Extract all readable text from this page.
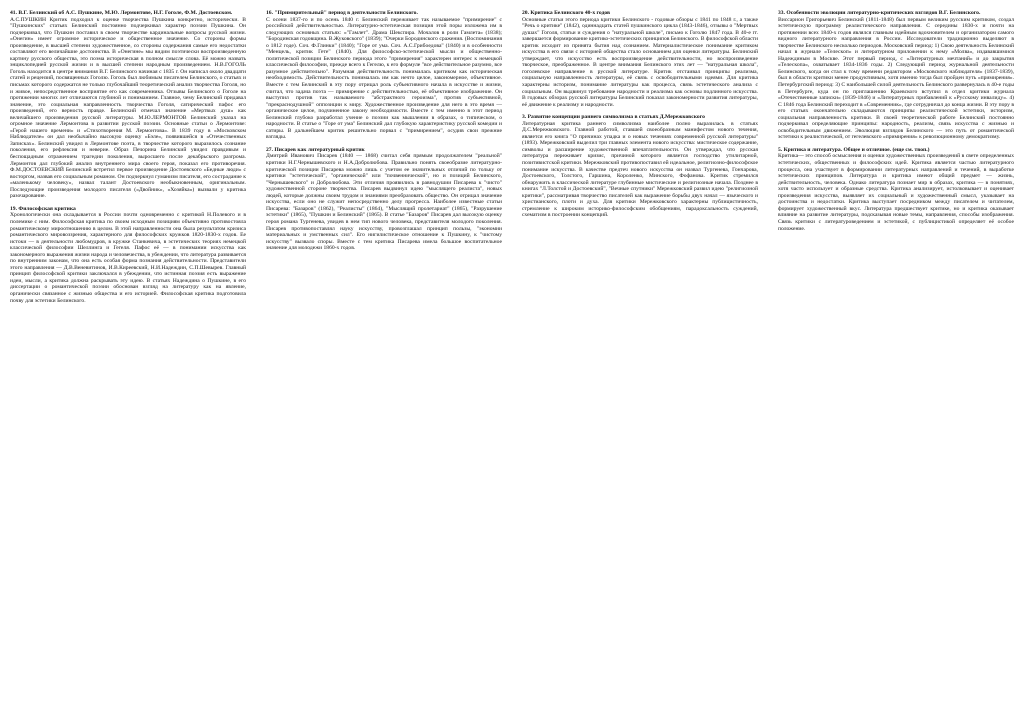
41. В.Г. Белинский об А.С. Пушкине, М.Ю. Лермонтове, Н.Г. Гоголе, Ф.М. Достоевском.
А.С.ПУШКИН Критик подходил к оценке творчества Пушкина конкретно, исторически. В "Пушкинских" статьях Белинский постоянно подчеркивал характер поэзии Пушкина. Он подчеркивал, что Пушкин поставил в своем творчестве кардинальные вопросы русской жизни. «Онегин» имеет огромное историческое и общественное значение. Со стороны формы произведение, в высшей степени художественное, со стороны содержания самые его недостатки составляют его величайшие достоинства. В «Онегине» мы видим поэтически воспроизведенную картину русского общества, это поэма историческая в полном смысле слова. Её можно назвать энциклопедией русской жизни и в высшей степени народным произведением. Н.В.ГОГОЛЬ Гоголь находится в центре внимания В.Г. Белинского начиная с 1835 г. Он написал около двадцати статей и рецензий, посвященных Гоголю. Гоголь был любимым писателем Белинского, о статьях и письмах которого содержатся не только глубочайший теоретический анализ творчества Гоголя, но и живое, непосредственное восприятие его как современника. Отзывы Белинского о Гоголе на протяжении многих лет отличаются глубиной и пониманием. Главное, чему Белинский придавал значение, это социальная направленность творчества Гоголя, сатирический пафос его произведений, его верность правде. Белинский отмечал значение «Мертвых душ» как величайшего произведения русской литературы. М.Ю.ЛЕРМОНТОВ Белинский указал на огромное значение Лермонтова в развитии русской поэзии. Основные статьи о Лермонтове: «Герой нашего времени» и «Стихотворения М. Лермонтова». В 1839 году в «Московском Наблюдателе» он дал необычайно высокую оценку «Бэле», появившейся в «Отечественных Записках». Белинский увидел в Лермонтове поэта, в творчестве которого выразилось сознание поколения, его рефлексия и неверие. Образ Печорина Белинский увидел правдивым и беспощадным отражением трагедии поколения, выросшего после декабрьского разгрома. Лермонтов дал глубокий анализ внутреннего мира своего героя, показал его противоречия. Ф.М.ДОСТОЕВСКИЙ Белинский встретил первое произведение Достоевского «Бедные люди» с восторгом, назвав его социальным романом. Он подчеркнул гуманизм писателя, его сострадание к «маленькому человеку», назвал талант Достоевского необыкновенным, оригинальным. Последующие произведения молодого писателя («Двойник», «Хозяйка») вызвали у критика разочарование.
19. Философская критика
Хронологически она складывается в России почти одновременно с критикой Н.Полевого и в полемике с ним. Философская критика по своим исходным позициям объективно противостояла романтическому мироотношению в целом. В этой направленности она была результатом кризиса романтического мировоззрения, характерного для философских кружков 1820-1830-х годов. Ее истоки — в деятельности любомудров, в кружке Станкевича, в эстетических теориях немецкой классической философии Шеллинга и Гегеля. Пафос её — в понимании искусства как закономерного выражения жизни народа и человечества, в убеждении, что литература развивается по внутренним законам, что она есть особая форма познания действительности. Представители этого направления — Д.В.Веневитинов, И.В.Киреевский, Н.И.Надеждин, С.П.Шевырев. Главный принцип философской критики заключался в убеждении, что истинная поэзия есть выражение идеи, мысли, а критика должна раскрывать эту идею. В статьях Надеждина о Пушкине, в его диссертации о романтической поэзии обоснован взгляд на литературу как на явление, органически связанное с жизнью общества и его историей. Философская критика подготовила почву для эстетики Белинского.
16. "Примирительный" период в деятельности Белинского.
С осени 1837-го и по осень 1840 г. Белинский переживает так называемое "примирение" с российской действительностью. Литературно-эстетическая позиция этой поры изложена им в следующих основных статьях: «"Гамлет". Драма Шекспира. Мочалов в роли Гамлета» (1838); "Бородинская годовщина. В.Жуковского" (1839); "Очерки Бородинского сражения. (Воспоминания о 1812 годе). Соч. Ф.Глинки" (1840); "Горе от ума. Соч. А.С.Грибоедова" (1840) и в особенности "Менцель, критик Гете" (1840). Для философско-эстетической мысли и общественно-политической позиции Белинского периода этого "примирения" характерен интерес к немецкой классической философии, прежде всего к Гегелю, к его формуле "все действительное разумно, все разумное действительно". Разумная действительность понималась критиком как историческая необходимость. Действительность понималась им как нечто целое, закономерное, объективное. Вместе с тем Белинский в эту пору отрицал роль субъективного начала в искусстве и жизни, считал, что задача поэта — примирение с действительностью, её объективное изображение. Он выступил против так называемого "абстрактного героизма", против субъективной, "прекраснодушной" оппозиции к миру. Художественное произведение для него в это время — органическое целое, подчиненное закону необходимости. Вместе с тем именно в этот период Белинский глубоко разработал учение о поэзии как мышлении в образах, о типическом, о народности. В статье о "Горе от ума" Белинский дал глубокую характеристику русской комедии и сатиры. В дальнейшем критик решительно порвал с "примирением", осудив свои прежние взгляды.
27. Писарев как литературный критик
Дмитрий Иванович Писарев (1840 — 1868) считал себя прямым продолжателем "реальной" критики Н.Г.Чернышевского и Н.А.Добролюбова. Правильно понять своеобразие литературно-критической позиции Писарева можно лишь с учетом ее значительных отличий по тольку от критики "эстетической", "органической" или "почвеннической", но и позиций Белинского, "Чернышевского" и Добролюбова. Эти отличия проявились в равнодушии Писарева к "чисто" художественной стороне творчества. Писарев выдвинул идею "мыслящего реалиста", новых людей, которые должны своим трудом и знаниями преобразовать общество. Он отрицал значение искусства, если оно не служит непосредственно делу прогресса. Наиболее известные статьи Писарева: "Базаров" (1862), "Реалисты" (1864), "Мыслящий пролетариат" (1865), "Разрушение эстетики" (1865), "Пушкин и Белинский" (1865). В статье "Базаров" Писарев дал высокую оценку героя романа Тургенева, увидев в нем тип нового человека, представителя молодого поколения. Писарев противопоставлял науку искусству, провозглашал принцип пользы, "экономии материальных и умственных сил". Его нигилистическое отношение к Пушкину, к "чистому искусству" вызвало споры. Вместе с тем критика Писарева имела большое воспитательное значение для молодежи 1860-х годов.
20. Критика Белинского 40-х годов
Основные статьи этого периода критики Белинского - годовые обзоры с 1841 по 1848 г., а также "Речь о критике" (1842), одиннадцать статей пушкинского цикла (1843-1846), отзывы о "Мертвых душах" Гоголя, статьи и суждения о "натуральной школе", письмо к Гоголю 1847 года. В 40-е гг. завершается формирование критико-эстетических принципов Белинского. В философской области критик исходит из принята бытия над сознанием. Материалистическое понимание критиком искусства в его связи с историей общества стало основанием для оценки литературы. Белинский утверждает, что искусство есть воспроизведение действительности, но воспроизведение творческое, преображенное. В центре внимания Белинского этих лет — "натуральная школа", гоголевское направление в русской литературе. Критик отстаивал принципы реализма, социальную направленность литературы, её связь с освободительными идеями. Для критика характерны историзм, понимание литературы как процесса, связь эстетического анализа с социальным. Он выдвинул требование народности и реализма как основы подлинного искусства. В годовых обзорах русской литературы Белинский показал закономерности развития литературы, её движение к реализму и народности.
3. Развитие концепции раннего символизма в статьях Д.Мережковского
Литературная критика раннего символизма наиболее полно выразилась в статьях Д.С.Мережковского. Главной работой, ставшей своеобразным манифестом нового течения, является его книга "О причинах упадка и о новых течениях современной русской литературы" (1893). Мережковский выделил три главных элемента нового искусства: мистическое содержание, символы и расширение художественной впечатлительности. Он утверждал, что русская литература переживает кризис, причиной которого является господство утилитарной, позитивистской критики. Мережковский противопоставил ей идеальное, религиозно-философское понимание искусства. В качестве предтеч нового искусства он назвал Тургенева, Гончарова, Достоевского, Толстого, Гаршина, Короленко, Минского, Фофанова. Критик стремился обнаружить в классической литературе глубинные мистические и религиозные начала. Позднее в книгах "Л.Толстой и Достоевский", "Вечные спутники" Мережковский развил идею "религиозной критики", рассматривая творчество писателей как выражение борьбы двух начал — языческого и христианского, плоти и духа. Для критики Мережковского характерны публицистичность, стремление к широким историко-философским обобщениям, парадоксальность суждений, схематизм в построении концепций.
33. Особенности эволюции литературно-критических взглядов В.Г. Белинского.
Виссарион Григорьевич Белинский (1811-1848) был первым великим русским критиком, создал эстетическую программу реалистического направления. С середины 1830-х и почти на протяжении всех 1840-х годов являлся главным идейным вдохновителем и организатором самого видного литературного направления в России. Исследователи традиционно выделяют в творчестве Белинского несколько периодов. Московский период: 1) Свою деятельность Белинский начал в журнале «Телескоп» и литературном приложении к нему «Молва», издававшимися Надеждиным в Москве. Этот первый период, с «Литературных мечтаний» и до закрытия «Телескопа», охватывает 1834-1836 годы. 2) Следующий период журнальной деятельности Белинского, когда он стал к тому времени редактором «Московского наблюдателя» (1837-1839), был в области критики менее продуктивным, хотя именно тогда был пройден путь «примирения». Петербургский период: 3) С наибольшей силой деятельность Белинского развернулась в 40-е годы в Петербурге, куда он по приглашению Краевского вступил в отдел критики журнала «Отечественные записки» (1839-1846) и «Литературных прибавлений к «Русскому инвалиду». 4) С 1846 года Белинский переходит в «Современник», где сотрудничал до конца жизни. В эту пору в его статьях окончательно складываются принципы реалистической эстетики, историзм, социальная направленность критики. В своей теоретической работе Белинский постоянно подчеркивал определяющие принципы: народность, реализм, связь искусства с жизнью и освободительным движением. Эволюция взглядов Белинского — это путь от романтической эстетики к реалистической, от гегелевского «примирения» к революционному демократизму.
5. Критика и литература. Общее и отличное. (еще см. твоп.)
Критика— это способ осмысления и оценки художественных произведений в свете определенных эстетических, общественных и философских идей. Критика является частью литературного процесса, она участвует в формировании литературных направлений и течений, в выработке эстетических принципов. Литература и критика имеют общий предмет — жизнь, действительность, человека. Однако литература познает мир в образах, критика — в понятиях, хотя часто использует и образные средства. Критика анализирует, истолковывает и оценивает произведения искусства, выявляет их социальный и художественный смысл, указывает на достоинства и недостатки. Критика выступает посредником между писателем и читателем, формирует художественный вкус. Литература предшествует критике, но и критика оказывает влияние на развитие литературы, подсказывая новые темы, направления, способы изображения. Связь критики с литературоведением и эстетикой, с публицистикой определяет её особое положение.
